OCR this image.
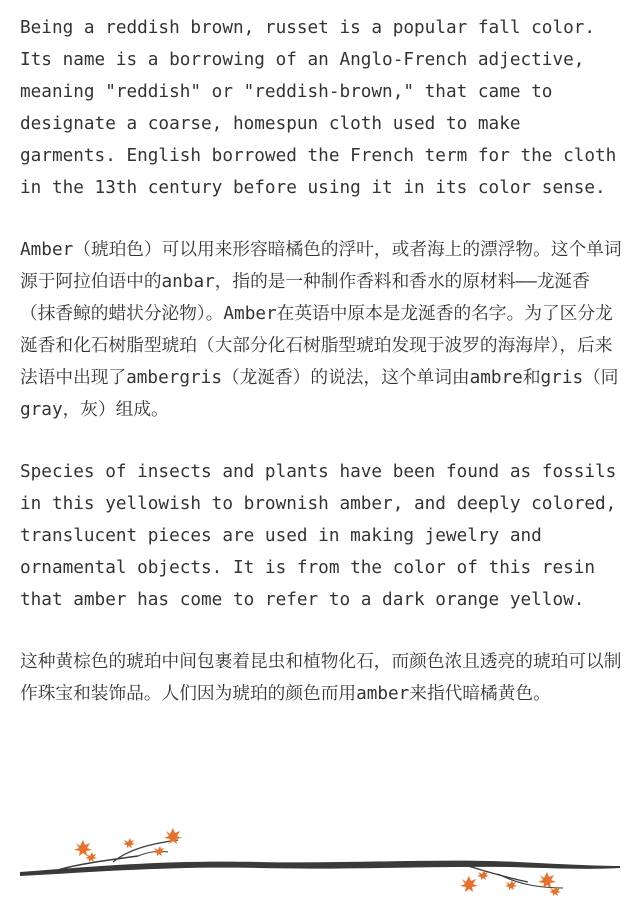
Being a reddish brown, russet is a popular fall color. Its name is a borrowing of an Anglo-French adjective, meaning "reddish" or "reddish-brown," that came to designate a coarse, homespun cloth used to make garments. English borrowed the French term for the cloth in the 13th century before using it in its color sense.

Amber（琥珀色）可以用来形容暗橘色的浮叶，或者海上的漂浮物。这个单词源于阿拉伯语中的anbar，指的是一种制作香料和香水的原材料——龙涎香（抹香鲸的蜡状分泌物）。Amber在英语中原本是龙涎香的名字。为了区分龙涎香和化石树脂型琥珀（大部分化石树脂型琥珀发现于波罗的海海岸），后来法语中出现了ambergris（龙涎香）的说法，这个单词由ambre和gris（同gray，灰）组成。

Species of insects and plants have been found as fossils in this yellowish to brownish amber, and deeply colored, translucent pieces are used in making jewelry and ornamental objects. It is from the color of this resin that amber has come to refer to a dark orange yellow.

这种黄棕色的琥珀中间包裹着昆虫和植物化石，而颜色浓且透亮的琥珀可以制作珠宝和装饰品。人们因为琥珀的颜色而用amber来指代暗橘黄色。
